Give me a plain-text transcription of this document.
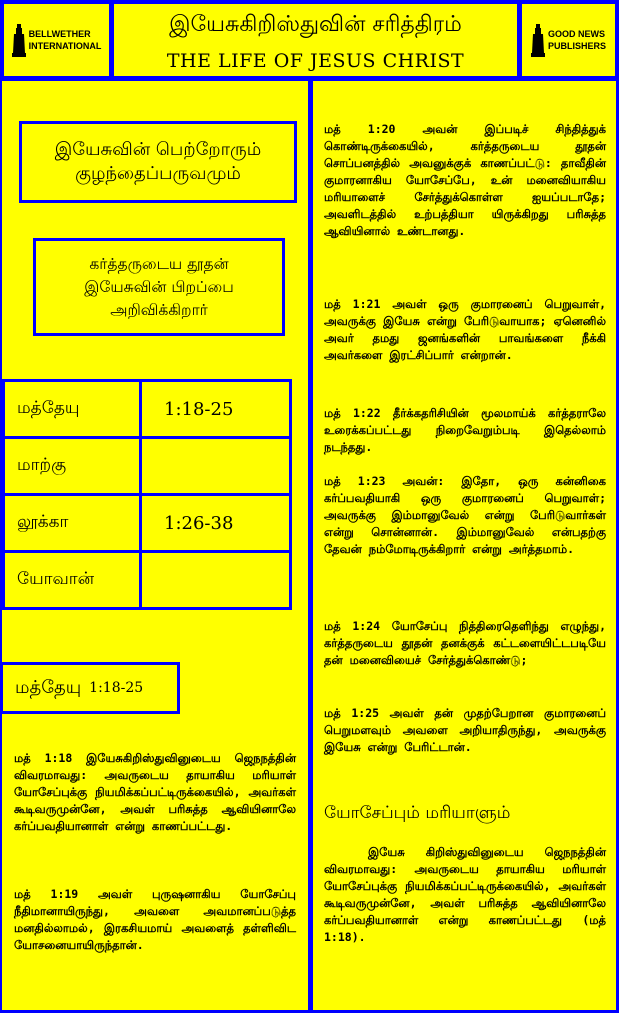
BELLWETHER
INTERNATIONAL
இயேசுகிறிஸ்துவின் சரித்திரம்
THE LIFE OF JESUS CHRIST
GOOD NEWS
PUBLISHERS
இயேசுவின் பெற்றோரும் குழந்தைப்பருவமும்
கர்த்தருடைய தூதன் இயேசுவின் பிறப்பை அறிவிக்கிறார்
மத்தேயு	1:18-25
மாற்கு	
லூக்கா	1:26-38
யோவான்	
மத்தேயு 1:18-25

மத் 1:18 இயேசுகிறிஸ்துவினுடைய ஜெநநத்தின் விவரமாவது: அவருடைய தாயாகிய மரியாள் யோசேப்புக்கு நியமிக்கப்பட்டிருக்கையில், அவர்கள் கூடிவருமுன்னே, அவள் பரிசுத்த ஆவியினாலே கர்ப்பவதியானாள் என்று காணப்பட்டது.

மத் 1:19 அவள் புருஷனாகிய யோசேப்பு நீதிமானாயிருந்து, அவளை அவமானப்படுத்த மனதில்லாமல், இரகசியமாய் அவளைத் தள்ளிவிட யோசனையாயிருந்தான்.

மத் 1:20 அவன் இப்படிச் சிந்தித்துக் கொண்டிருக்கையில், கர்த்தருடைய தூதன் சொப்பனத்தில் அவனுக்குக் காணப்பட்டு: தாவீதின் குமாரனாகிய யோசேப்பே, உன் மனைவியாகிய மரியாளைச் சேர்த்துக்கொள்ள ஐயப்படாதே; அவளிடத்தில் உற்பத்தியா யிருக்கிறது பரிசுத்த ஆவியினால் உண்டானது.

மத் 1:21 அவள் ஒரு குமாரனைப் பெறுவாள், அவருக்கு இயேசு என்று பேரிடுவாயாக; ஏனெனில் அவர் தமது ஜனங்களின் பாவங்களை நீக்கி அவர்களை இரட்சிப்பார் என்றான்.

மத் 1:22 தீர்க்கதரிசியின் மூலமாய்க் கர்த்தராலே உரைக்கப்பட்டது நிறைவேறும்படி இதெல்லாம் நடந்தது.

மத் 1:23 அவன்: இதோ, ஒரு கன்னிகை கர்ப்பவதியாகி ஒரு குமாரனைப் பெறுவாள்; அவருக்கு இம்மானுவேல் என்று பேரிடுவார்கள் என்று சொன்னான். இம்மானுவேல் என்பதற்கு தேவன் நம்மோடிருக்கிறார் என்று அர்த்தமாம்.

மத் 1:24 யோசேப்பு நித்திரைதெளிந்து எழுந்து, கர்த்தருடைய தூதன் தனக்குக் கட்டளையிட்டபடியே தன் மனைவியைச் சேர்த்துக்கொண்டு;

மத் 1:25 அவள் தன் முதற்பேறான குமாரனைப் பெறுமளவும் அவளை அறியாதிருந்து, அவருக்கு இயேசு என்று பேரிட்டான்.

யோசேப்பும் மரியாளும்

இயேசு கிறிஸ்துவினுடைய ஜெநநத்தின் விவரமாவது: அவருடைய தாயாகிய மரியாள் யோசேப்புக்கு நியமிக்கப்பட்டிருக்கையில், அவர்கள் கூடிவருமுன்னே, அவள் பரிசுத்த ஆவியினாலே கர்ப்பவதியானாள் என்று காணப்பட்டது (மத் 1:18).
